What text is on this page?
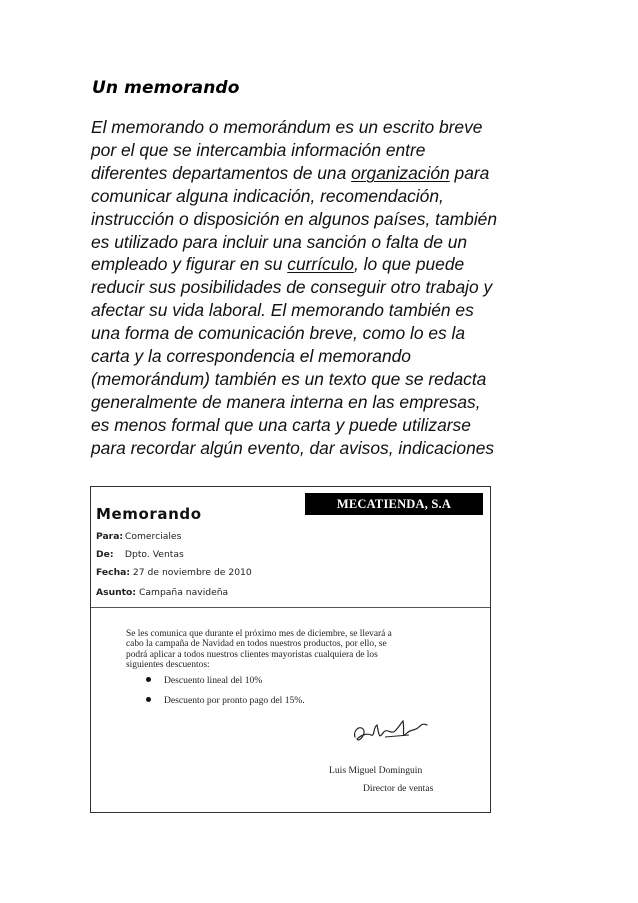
Un memorando
El memorando o memorándum es un escrito breve
por el que se intercambia información entre
diferentes departamentos de una organización para
comunicar alguna indicación, recomendación,
instrucción o disposición en algunos países, también
es utilizado para incluir una sanción o falta de un
empleado y figurar en su currículo, lo que puede
reducir sus posibilidades de conseguir otro trabajo y
afectar su vida laboral. El memorando también es
una forma de comunicación breve, como lo es la
carta y la correspondencia el memorando
(memorándum) también es un texto que se redacta
generalmente de manera interna en las empresas,
es menos formal que una carta y puede utilizarse
para recordar algún evento, dar avisos, indicaciones
MECATIENDA, S.A
Memorando
Para: Comerciales
De: Dpto. Ventas
Fecha: 27 de noviembre de 2010
Asunto: Campaña navideña
Se les comunica que durante el próximo mes de diciembre, se llevará a
cabo la campaña de Navidad en todos nuestros productos, por ello, se
podrá aplicar a todos nuestros clientes mayoristas cualquiera de los
siguientes descuentos:
Descuento lineal del 10%
Descuento por pronto pago del 15%.
Luis Miguel Dominguin
Director de ventas
